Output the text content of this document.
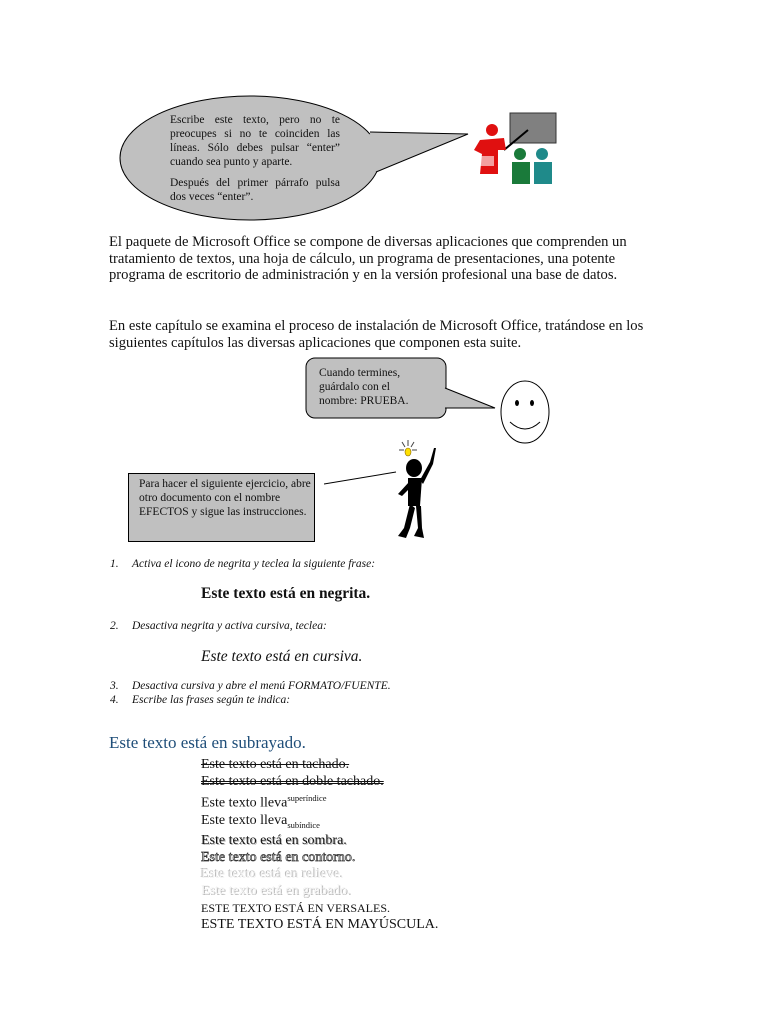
Escribe este texto, pero no te preocupes si no te coinciden las líneas. Sólo debes pulsar “enter” cuando sea punto y aparte.
Después del primer párrafo pulsa dos veces “enter”.
El paquete de Microsoft Office se compone de diversas aplicaciones que comprenden un tratamiento de textos, una hoja de cálculo, un programa de presentaciones, una potente programa de escritorio de administración y en la versión profesional una base de datos.
En este capítulo se examina el proceso de instalación de Microsoft Office, tratándose en los siguientes capítulos las diversas aplicaciones que componen esta suite.
Cuando termines, guárdalo con el nombre: PRUEBA.
Para hacer el siguiente ejercicio, abre otro documento con el nombre EFECTOS y sigue las instrucciones.
1. Activa el icono de negrita y teclea la siguiente frase:
Este texto está en negrita.
2. Desactiva negrita y activa cursiva, teclea:
Este texto está en cursiva.
3. Desactiva cursiva y abre el menú FORMATO/FUENTE.
4. Escribe las frases según te indica:
Este texto está en subrayado.
Este texto está en tachado.
Este texto está en doble tachado.
Este texto lleva$^{superíndice}$
Este texto lleva$_{subíndice}$
Este texto está en sombra.
Este texto está en contorno.
Este texto está en relieve.
Este texto está en grabado.
ESTE TEXTO ESTÁ EN VERSALES.
ESTE TEXTO ESTÁ EN MAYÚSCULA.
